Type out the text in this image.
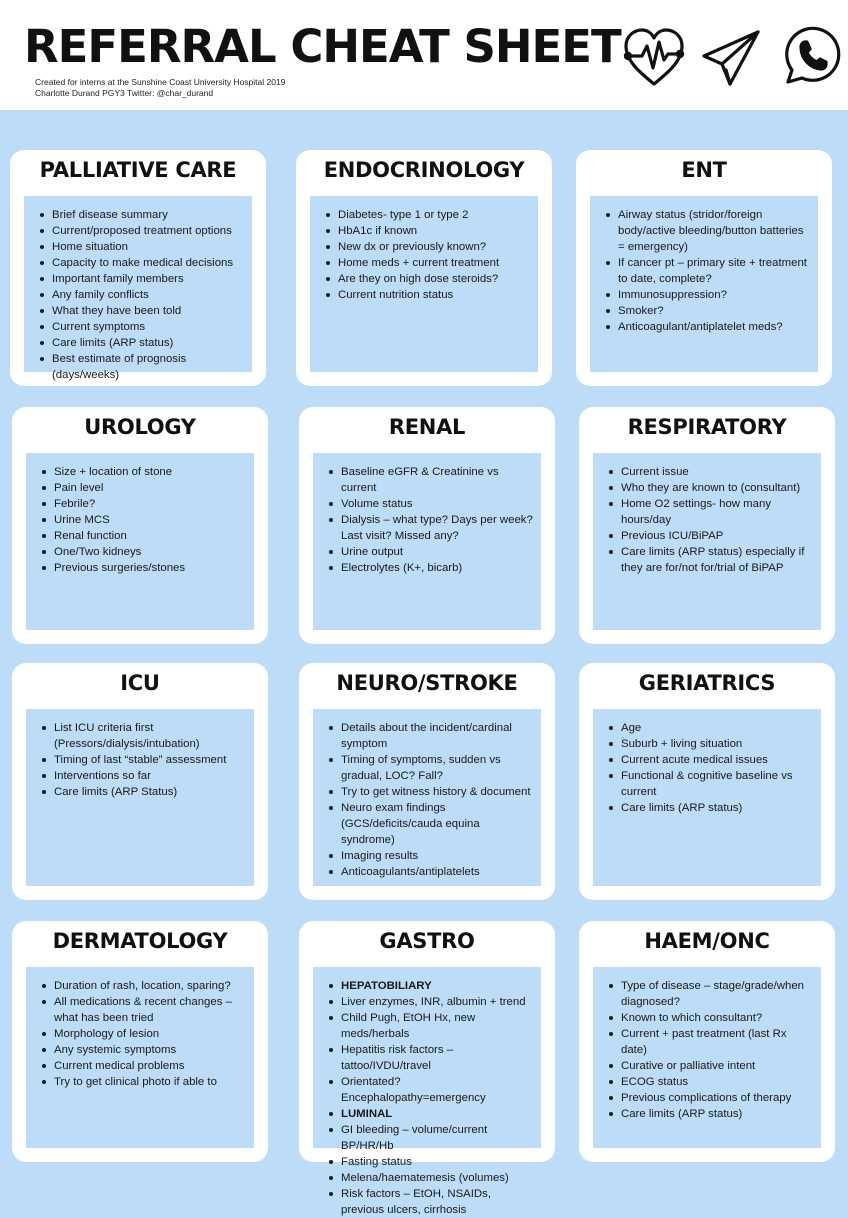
REFERRAL CHEAT SHEET
Created for interns at the Sunshine Coast University Hospital 2019
Charlotte Durand PGY3 Twitter: @char_durand
PALLIATIVE CARE
Brief disease summary
Current/proposed treatment options
Home situation
Capacity to make medical decisions
Important family members
Any family conflicts
What they have been told
Current symptoms
Care limits (ARP status)
Best estimate of prognosis (days/weeks)
ENDOCRINOLOGY
Diabetes- type 1 or type 2
HbA1c if known
New dx or previously known?
Home meds + current treatment
Are they on high dose steroids?
Current nutrition status
ENT
Airway status (stridor/foreign body/active bleeding/button batteries = emergency)
If cancer pt – primary site + treatment to date, complete?
Immunosuppression?
Smoker?
Anticoagulant/antiplatelet meds?
UROLOGY
Size + location of stone
Pain level
Febrile?
Urine MCS
Renal function
One/Two kidneys
Previous surgeries/stones
RENAL
Baseline eGFR & Creatinine vs current
Volume status
Dialysis – what type? Days per week? Last visit? Missed any?
Urine output
Electrolytes (K+, bicarb)
RESPIRATORY
Current issue
Who they are known to (consultant)
Home O2 settings- how many hours/day
Previous ICU/BiPAP
Care limits (ARP status) especially if they are for/not for/trial of BiPAP
ICU
List ICU criteria first (Pressors/dialysis/intubation)
Timing of last “stable” assessment
Interventions so far
Care limits (ARP Status)
NEURO/STROKE
Details about the incident/cardinal symptom
Timing of symptoms, sudden vs gradual, LOC? Fall?
Try to get witness history & document
Neuro exam findings (GCS/deficits/cauda equina syndrome)
Imaging results
Anticoagulants/antiplatelets
GERIATRICS
Age
Suburb + living situation
Current acute medical issues
Functional & cognitive baseline vs current
Care limits (ARP status)
DERMATOLOGY
Duration of rash, location, sparing?
All medications & recent changes – what has been tried
Morphology of lesion
Any systemic symptoms
Current medical problems
Try to get clinical photo if able to
GASTRO
HEPATOBILIARY
Liver enzymes, INR, albumin + trend
Child Pugh, EtOH Hx, new meds/herbals
Hepatitis risk factors – tattoo/IVDU/travel
Orientated? Encephalopathy=emergency
LUMINAL
GI bleeding – volume/current BP/HR/Hb
Fasting status
Melena/haematemesis (volumes)
Risk factors – EtOH, NSAIDs, previous ulcers, cirrhosis
HAEM/ONC
Type of disease – stage/grade/when diagnosed?
Known to which consultant?
Current + past treatment (last Rx date)
Curative or palliative intent
ECOG status
Previous complications of therapy
Care limits (ARP status)
